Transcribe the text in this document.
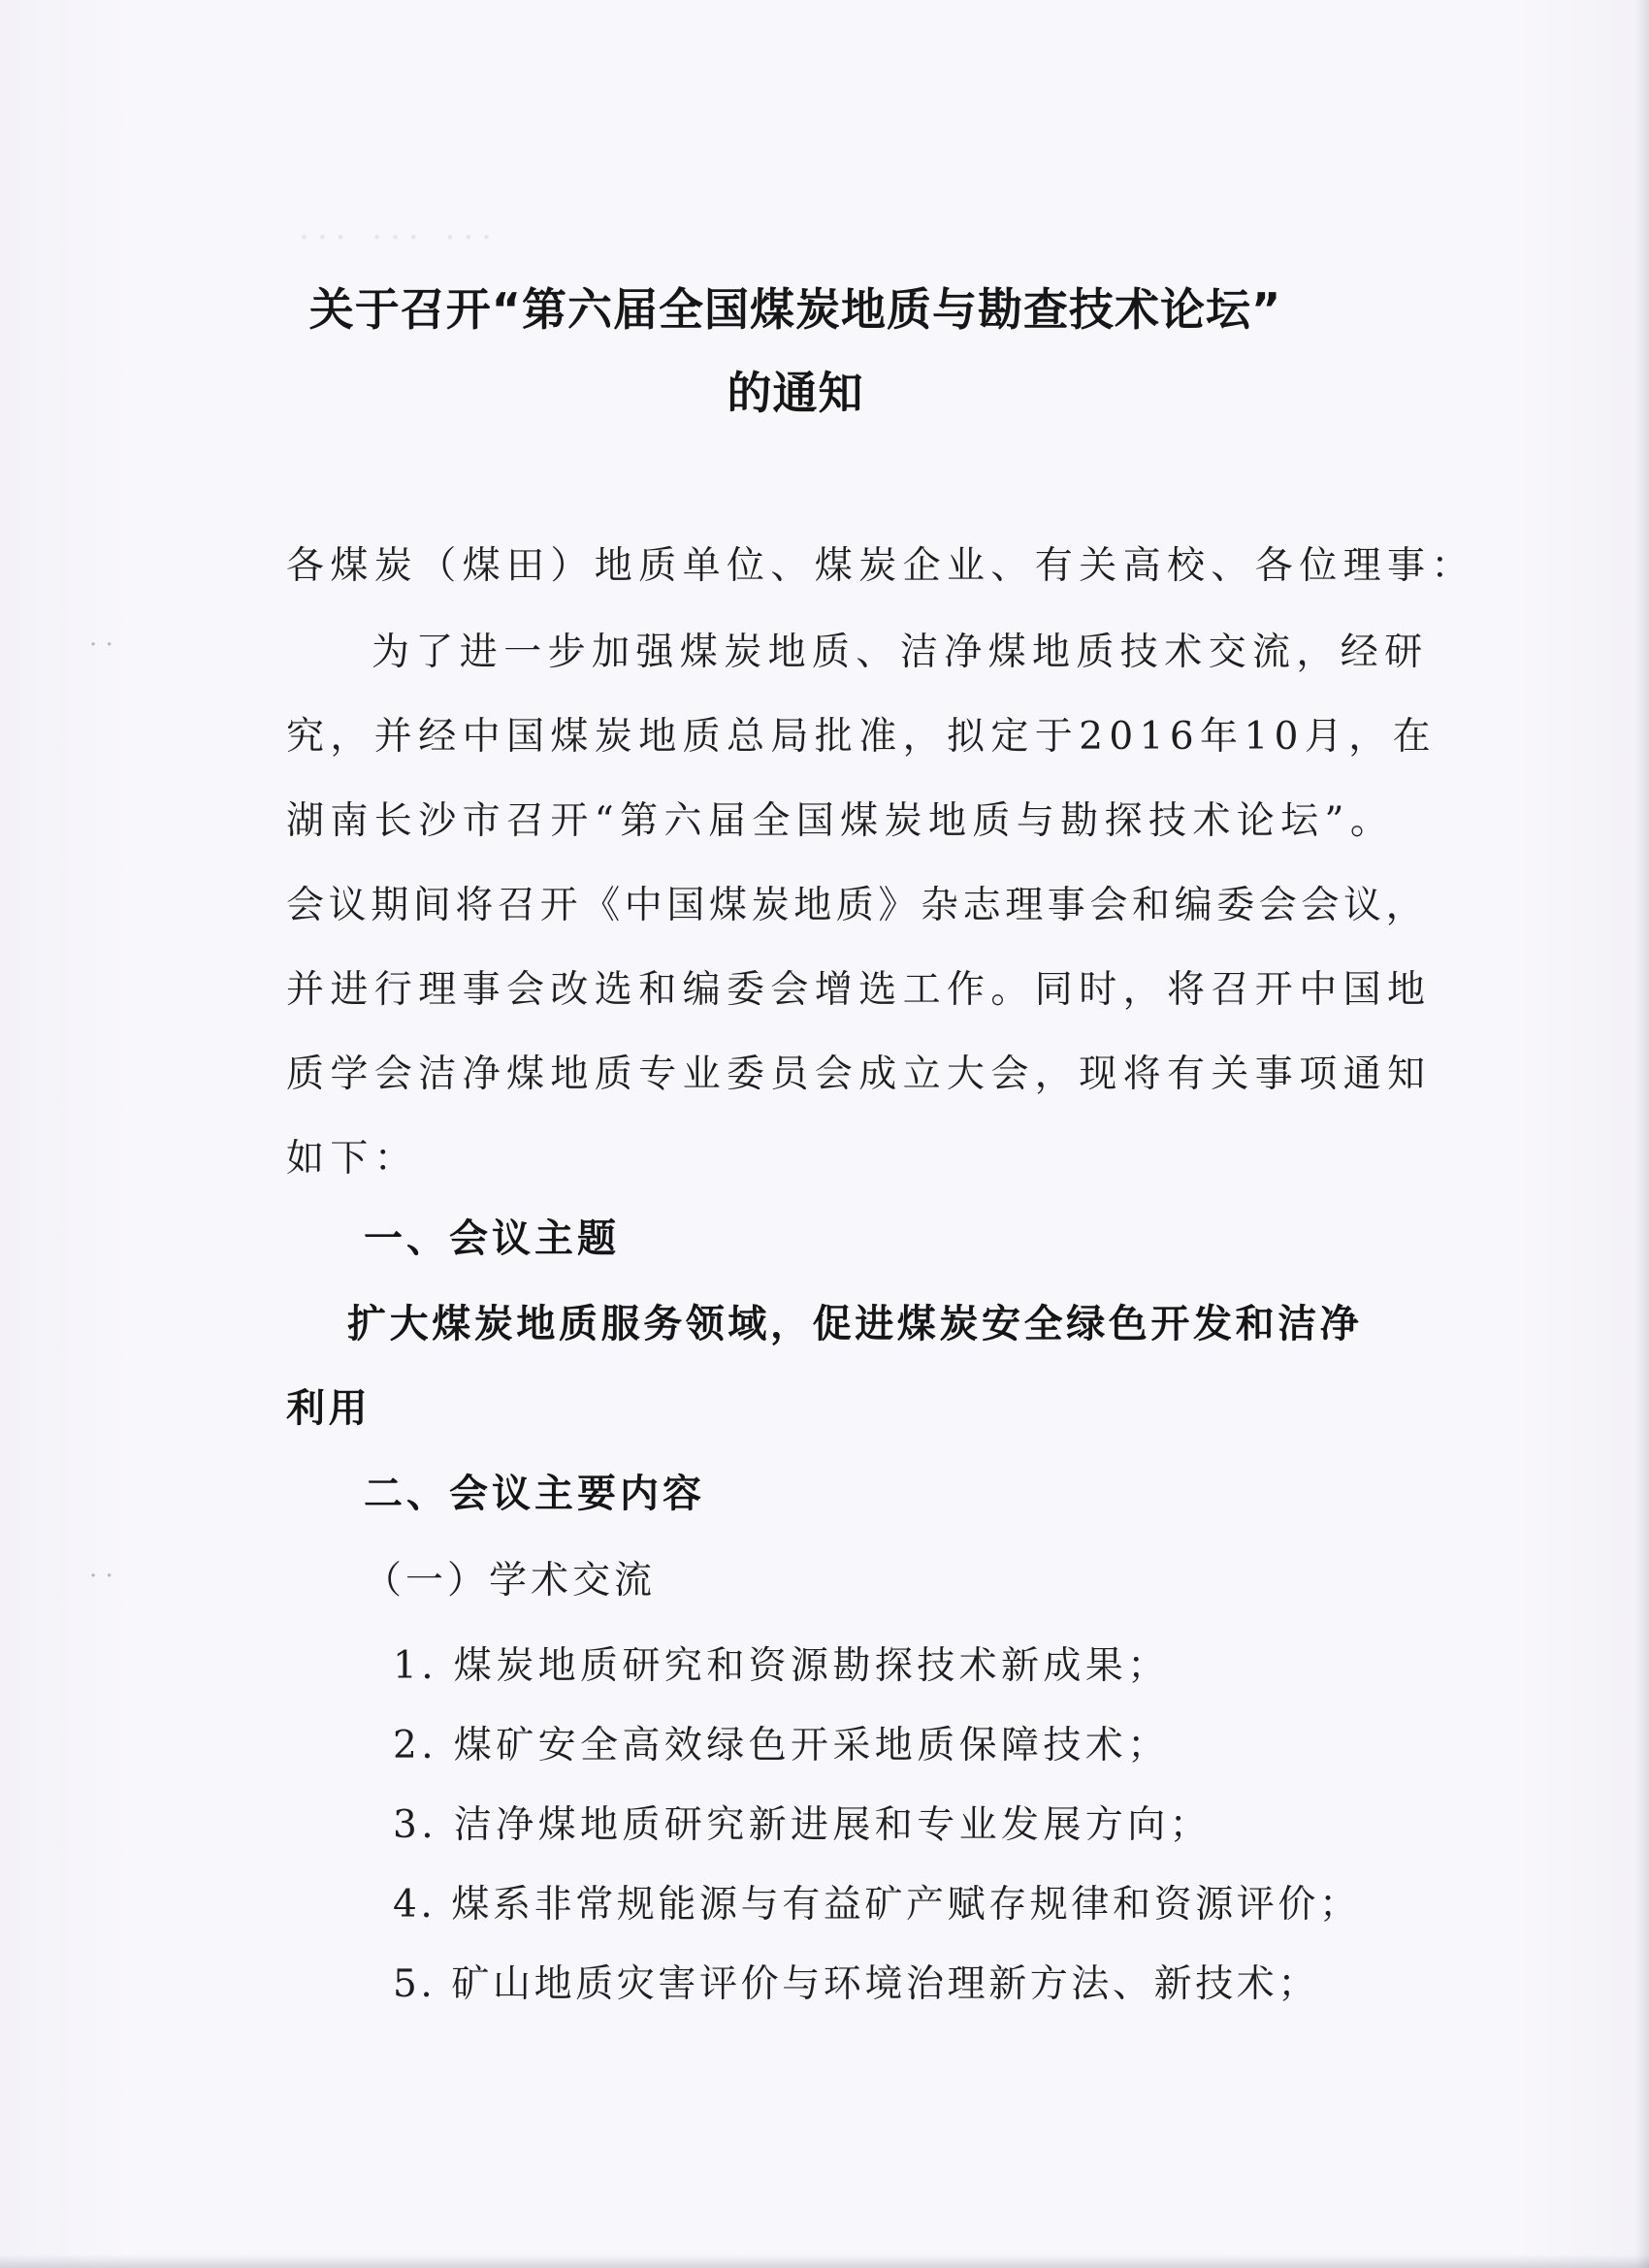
··· ··· ···
· ·
· ·
关于召开“第六届全国煤炭地质与勘查技术论坛”
的通知
各煤炭（煤田）地质单位、煤炭企业、有关高校、各位理事：
为了进一步加强煤炭地质、洁净煤地质技术交流，经研
究，并经中国煤炭地质总局批准，拟定于2016年10月，在
湖南长沙市召开“第六届全国煤炭地质与勘探技术论坛”。
会议期间将召开《中国煤炭地质》杂志理事会和编委会会议，
并进行理事会改选和编委会增选工作。同时，将召开中国地
质学会洁净煤地质专业委员会成立大会，现将有关事项通知
如下：
一、会议主题
扩大煤炭地质服务领域，促进煤炭安全绿色开发和洁净
利用
二、会议主要内容
（一）学术交流
1. 煤炭地质研究和资源勘探技术新成果；
2. 煤矿安全高效绿色开采地质保障技术；
3. 洁净煤地质研究新进展和专业发展方向；
4. 煤系非常规能源与有益矿产赋存规律和资源评价；
5. 矿山地质灾害评价与环境治理新方法、新技术；
